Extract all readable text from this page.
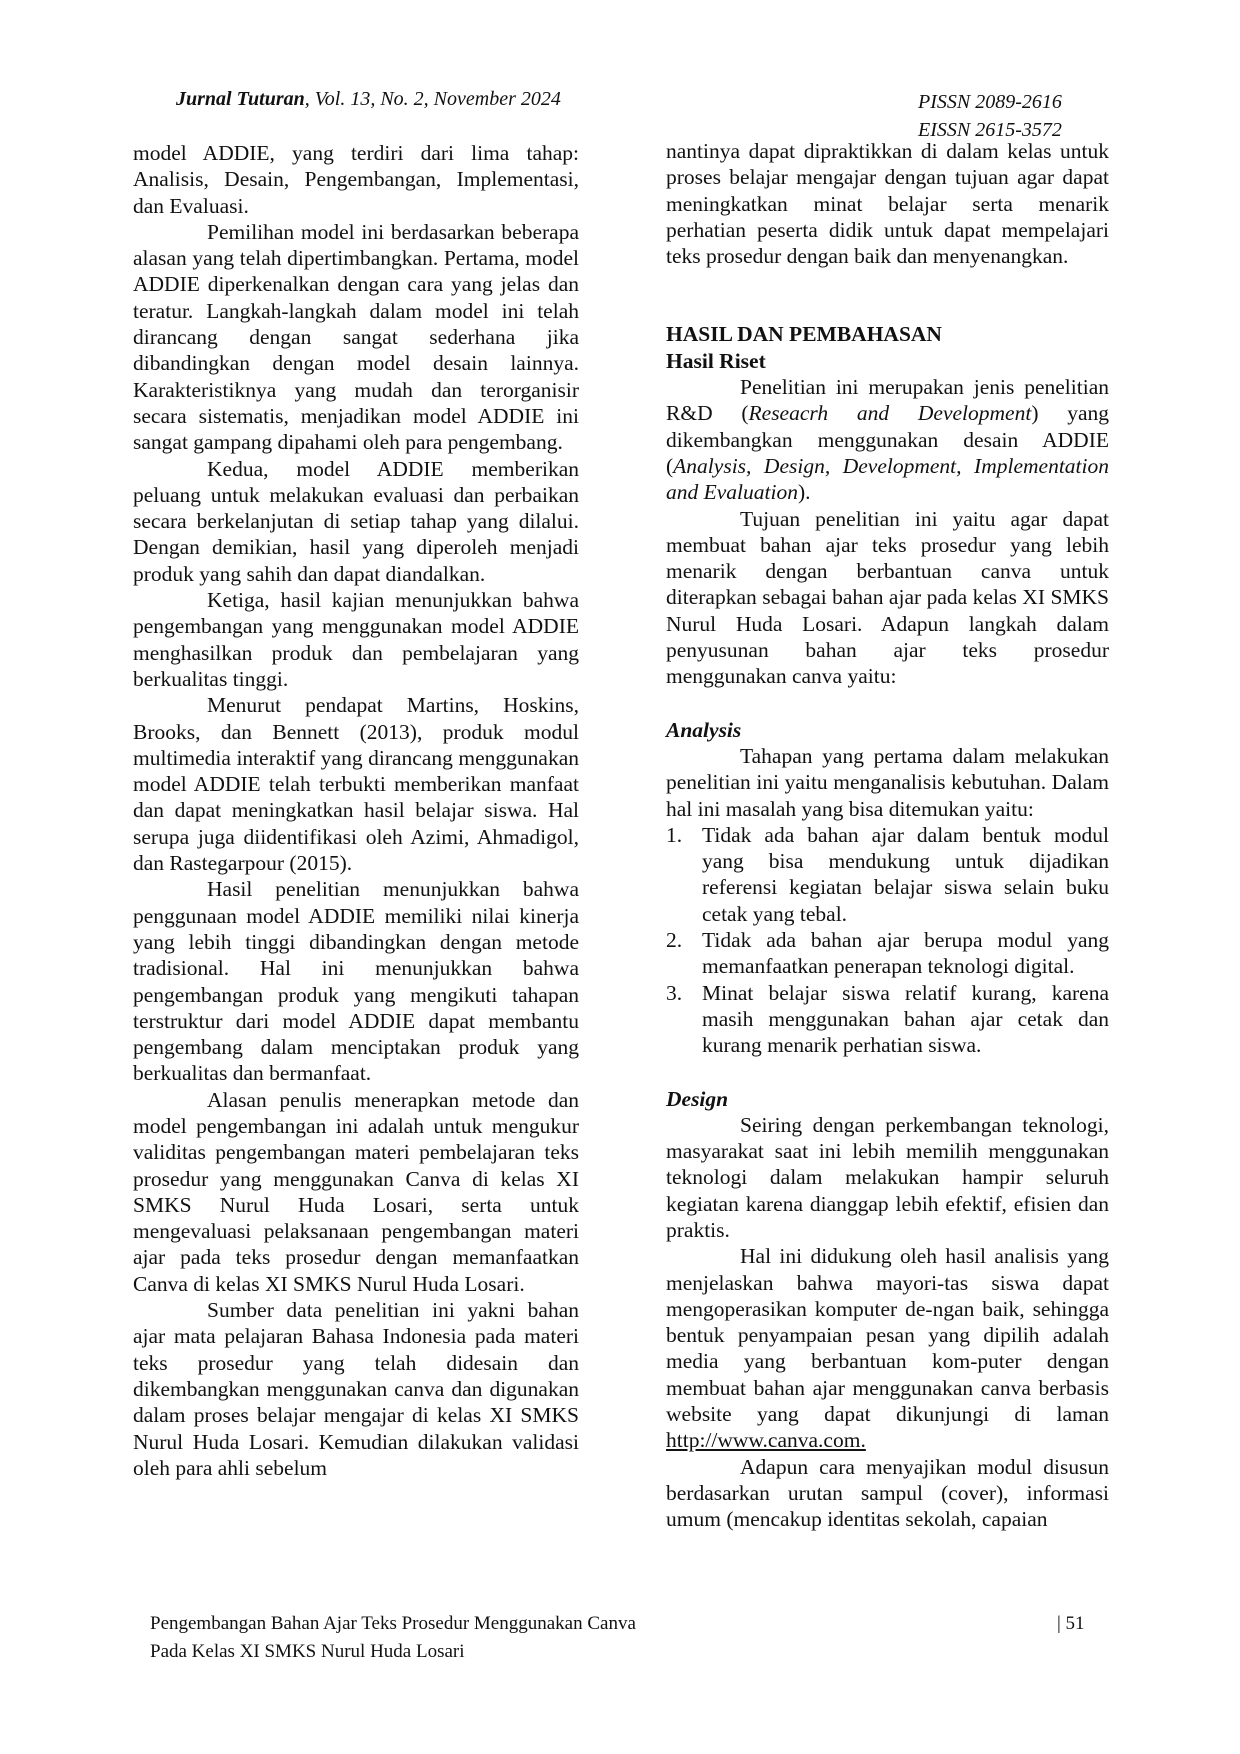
Jurnal Tuturan, Vol. 13, No. 2, November 2024	PISSN 2089-2616
EISSN 2615-3572

model ADDIE, yang terdiri dari lima tahap: Analisis, Desain, Pengembangan, Implementasi, dan Evaluasi.

Pemilihan model ini berdasarkan beberapa alasan yang telah dipertimbangkan. Pertama, model ADDIE diperkenalkan dengan cara yang jelas dan teratur. Langkah-langkah dalam model ini telah dirancang dengan sangat sederhana jika dibandingkan dengan model desain lainnya. Karakteristiknya yang mudah dan terorganisir secara sistematis, menjadikan model ADDIE ini sangat gampang dipahami oleh para pengembang.

Kedua, model ADDIE memberikan peluang untuk melakukan evaluasi dan perbaikan secara berkelanjutan di setiap tahap yang dilalui. Dengan demikian, hasil yang diperoleh menjadi produk yang sahih dan dapat diandalkan.

Ketiga, hasil kajian menunjukkan bahwa pengembangan yang menggunakan model ADDIE menghasilkan produk dan pembelajaran yang berkualitas tinggi.

Menurut pendapat Martins, Hoskins, Brooks, dan Bennett (2013), produk modul multimedia interaktif yang dirancang menggunakan model ADDIE telah terbukti memberikan manfaat dan dapat meningkatkan hasil belajar siswa. Hal serupa juga diidentifikasi oleh Azimi, Ahmadigol, dan Rastegarpour (2015).

Hasil penelitian menunjukkan bahwa penggunaan model ADDIE memiliki nilai kinerja yang lebih tinggi dibandingkan dengan metode tradisional. Hal ini menunjukkan bahwa pengembangan produk yang mengikuti tahapan terstruktur dari model ADDIE dapat membantu pengembang dalam menciptakan produk yang berkualitas dan bermanfaat.

Alasan penulis menerapkan metode dan model pengembangan ini adalah untuk mengukur validitas pengembangan materi pembelajaran teks prosedur yang menggunakan Canva di kelas XI SMKS Nurul Huda Losari, serta untuk mengevaluasi pelaksanaan pengembangan materi ajar pada teks prosedur dengan memanfaatkan Canva di kelas XI SMKS Nurul Huda Losari.

Sumber data penelitian ini yakni bahan ajar mata pelajaran Bahasa Indonesia pada materi teks prosedur yang telah didesain dan dikembangkan menggunakan canva dan digunakan dalam proses belajar mengajar di kelas XI SMKS Nurul Huda Losari. Kemudian dilakukan validasi oleh para ahli sebelum

nantinya dapat dipraktikkan di dalam kelas untuk proses belajar mengajar dengan tujuan agar dapat meningkatkan minat belajar serta menarik perhatian peserta didik untuk dapat mempelajari teks prosedur dengan baik dan menyenangkan.

HASIL DAN PEMBAHASAN
Hasil Riset

Penelitian ini merupakan jenis penelitian R&D (Reseacrh and Development) yang dikembangkan menggunakan desain ADDIE (Analysis, Design, Development, Implementation and Evaluation).

Tujuan penelitian ini yaitu agar dapat membuat bahan ajar teks prosedur yang lebih menarik dengan berbantuan canva untuk diterapkan sebagai bahan ajar pada kelas XI SMKS Nurul Huda Losari. Adapun langkah dalam penyusunan bahan ajar teks prosedur menggunakan canva yaitu:

Analysis

Tahapan yang pertama dalam melakukan penelitian ini yaitu menganalisis kebutuhan. Dalam hal ini masalah yang bisa ditemukan yaitu:

1. Tidak ada bahan ajar dalam bentuk modul yang bisa mendukung untuk dijadikan referensi kegiatan belajar siswa selain buku cetak yang tebal.
2. Tidak ada bahan ajar berupa modul yang memanfaatkan penerapan teknologi digital.
3. Minat belajar siswa relatif kurang, karena masih menggunakan bahan ajar cetak dan kurang menarik perhatian siswa.
Design

Seiring dengan perkembangan teknologi, masyarakat saat ini lebih memilih menggunakan teknologi dalam melakukan hampir seluruh kegiatan karena dianggap lebih efektif, efisien dan praktis.

Hal ini didukung oleh hasil analisis yang menjelaskan bahwa mayori-tas siswa dapat mengoperasikan komputer de-ngan baik, sehingga bentuk penyampaian pesan yang dipilih adalah media yang berbantuan kom-puter dengan membuat bahan ajar menggunakan canva berbasis website yang dapat dikunjungi di laman http://www.canva.com.

Adapun cara menyajikan modul disusun berdasarkan urutan sampul (cover), informasi umum (mencakup identitas sekolah, capaian

Pengembangan Bahan Ajar Teks Prosedur Menggunakan Canva
Pada Kelas XI SMKS Nurul Huda Losari
| 51
